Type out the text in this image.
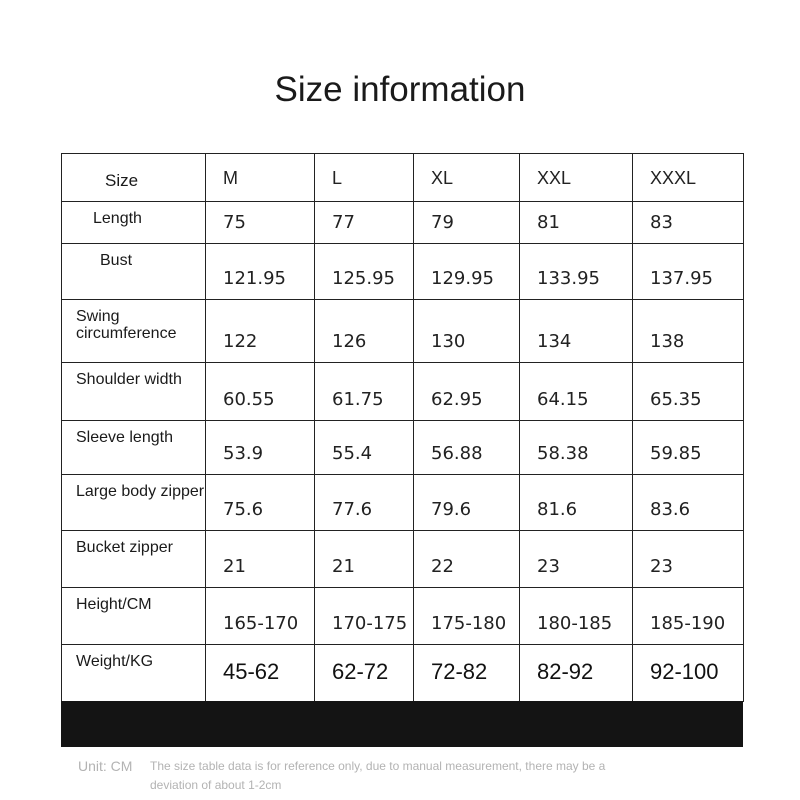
Size information
Size	M	L	XL	XXL	XXXL
Length	75	77	79	81	83
Bust	121.95	125.95	129.95	133.95	137.95
Swing circumference	122	126	130	134	138
Shoulder width	60.55	61.75	62.95	64.15	65.35
Sleeve length	53.9	55.4	56.88	58.38	59.85
Large body zipper	75.6	77.6	79.6	81.6	83.6
Bucket zipper	21	21	22	23	23
Height/CM	165-170	170-175	175-180	180-185	185-190
Weight/KG	45-62	62-72	72-82	82-92	92-100
Unit: CM	The size table data is for reference only, due to manual measurement, there may be a deviation of about 1-2cm
